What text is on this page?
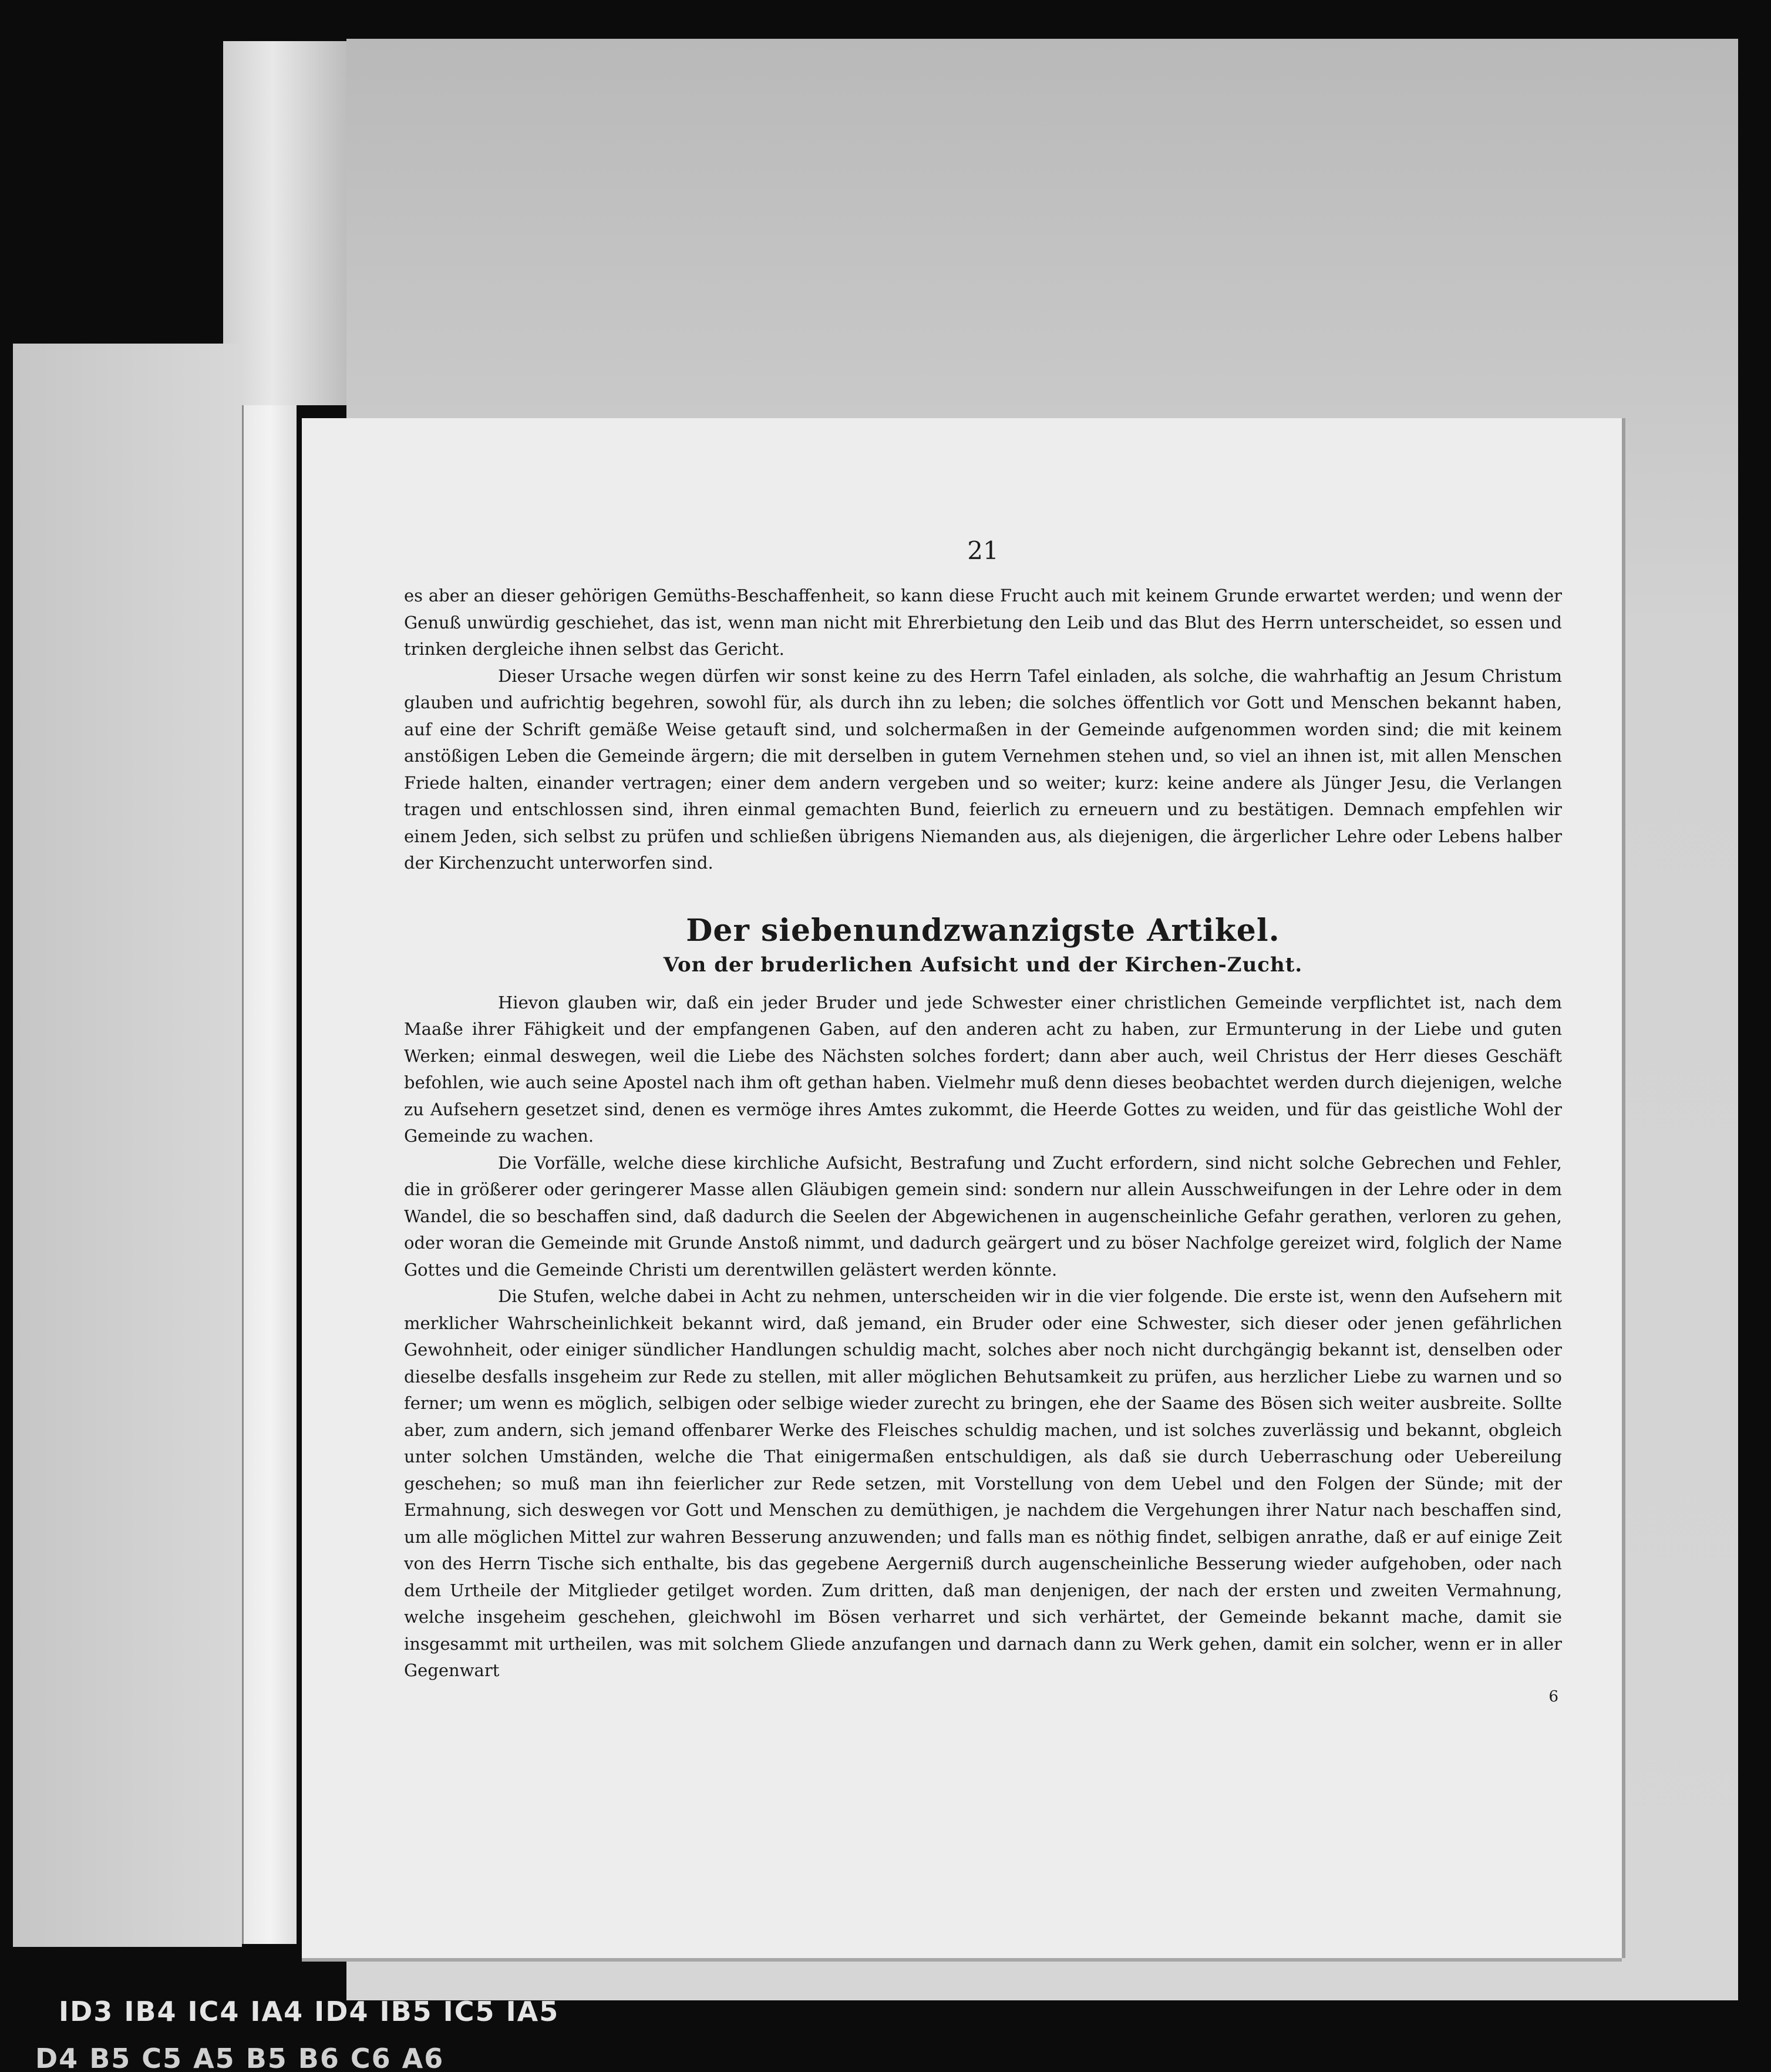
21

es aber an dieser gehörigen Gemüths-Beschaffenheit, so kann diese Frucht auch mit keinem Grunde erwartet werden; und wenn der Genuß unwürdig geschiehet, das ist, wenn man nicht mit Ehrerbietung den Leib und das Blut des Herrn unterscheidet, so essen und trinken dergleiche ihnen selbst das Gericht.

Dieser Ursache wegen dürfen wir sonst keine zu des Herrn Tafel einladen, als solche, die wahrhaftig an Jesum Christum glauben und aufrichtig begehren, sowohl für, als durch ihn zu leben; die solches öffentlich vor Gott und Menschen bekannt haben, auf eine der Schrift gemäße Weise getauft sind, und solchermaßen in der Gemeinde aufgenommen worden sind; die mit keinem anstößigen Leben die Gemeinde ärgern; die mit derselben in gutem Vernehmen stehen und, so viel an ihnen ist, mit allen Menschen Friede halten, einander vertragen; einer dem andern vergeben und so weiter; kurz: keine andere als Jünger Jesu, die Verlangen tragen und entschlossen sind, ihren einmal gemachten Bund, feierlich zu erneuern und zu bestätigen. Demnach empfehlen wir einem Jeden, sich selbst zu prüfen und schließen übrigens Niemanden aus, als diejenigen, die ärgerlicher Lehre oder Lebens halber der Kirchenzucht unterworfen sind.

Der siebenundzwanzigste Artikel.
Von der bruderlichen Aufsicht und der Kirchen-Zucht.

Hievon glauben wir, daß ein jeder Bruder und jede Schwester einer christlichen Gemeinde verpflichtet ist, nach dem Maaße ihrer Fähigkeit und der empfangenen Gaben, auf den anderen acht zu haben, zur Ermunterung in der Liebe und guten Werken; einmal deswegen, weil die Liebe des Nächsten solches fordert; dann aber auch, weil Christus der Herr dieses Geschäft befohlen, wie auch seine Apostel nach ihm oft gethan haben. Vielmehr muß denn dieses beobachtet werden durch diejenigen, welche zu Aufsehern gesetzet sind, denen es vermöge ihres Amtes zukommt, die Heerde Gottes zu weiden, und für das geistliche Wohl der Gemeinde zu wachen.

Die Vorfälle, welche diese kirchliche Aufsicht, Bestrafung und Zucht erfordern, sind nicht solche Gebrechen und Fehler, die in größerer oder geringerer Masse allen Gläubigen gemein sind: sondern nur allein Ausschweifungen in der Lehre oder in dem Wandel, die so beschaffen sind, daß dadurch die Seelen der Abgewichenen in augenscheinliche Gefahr gerathen, verloren zu gehen, oder woran die Gemeinde mit Grunde Anstoß nimmt, und dadurch geärgert und zu böser Nachfolge gereizet wird, folglich der Name Gottes und die Gemeinde Christi um derentwillen gelästert werden könnte.

Die Stufen, welche dabei in Acht zu nehmen, unterscheiden wir in die vier folgende. Die erste ist, wenn den Aufsehern mit merklicher Wahrscheinlichkeit bekannt wird, daß jemand, ein Bruder oder eine Schwester, sich dieser oder jenen gefährlichen Gewohnheit, oder einiger sündlicher Handlungen schuldig macht, solches aber noch nicht durchgängig bekannt ist, denselben oder dieselbe desfalls insgeheim zur Rede zu stellen, mit aller möglichen Behutsamkeit zu prüfen, aus herzlicher Liebe zu warnen und so ferner; um wenn es möglich, selbigen oder selbige wieder zurecht zu bringen, ehe der Saame des Bösen sich weiter ausbreite. Sollte aber, zum andern, sich jemand offenbarer Werke des Fleisches schuldig machen, und ist solches zuverlässig und bekannt, obgleich unter solchen Umständen, welche die That einigermaßen entschuldigen, als daß sie durch Ueberraschung oder Uebereilung geschehen; so muß man ihn feierlicher zur Rede setzen, mit Vorstellung von dem Uebel und den Folgen der Sünde; mit der Ermahnung, sich deswegen vor Gott und Menschen zu demüthigen, je nachdem die Vergehungen ihrer Natur nach beschaffen sind, um alle möglichen Mittel zur wahren Besserung anzuwenden; und falls man es nöthig findet, selbigen anrathe, daß er auf einige Zeit von des Herrn Tische sich enthalte, bis das gegebene Aergerniß durch augenscheinliche Besserung wieder aufgehoben, oder nach dem Urtheile der Mitglieder getilget worden. Zum dritten, daß man denjenigen, der nach der ersten und zweiten Vermahnung, welche insgeheim geschehen, gleichwohl im Bösen verharret und sich verhärtet, der Gemeinde bekannt mache, damit sie insgesammt mit urtheilen, was mit solchem Gliede anzufangen und darnach dann zu Werk gehen, damit ein solcher, wenn er in aller Gegenwart

6
ID3 IB4 IC4 IA4 ID4 IB5 IC5 IA5
D4 B5 C5 A5 B5 B6 C6 A6
